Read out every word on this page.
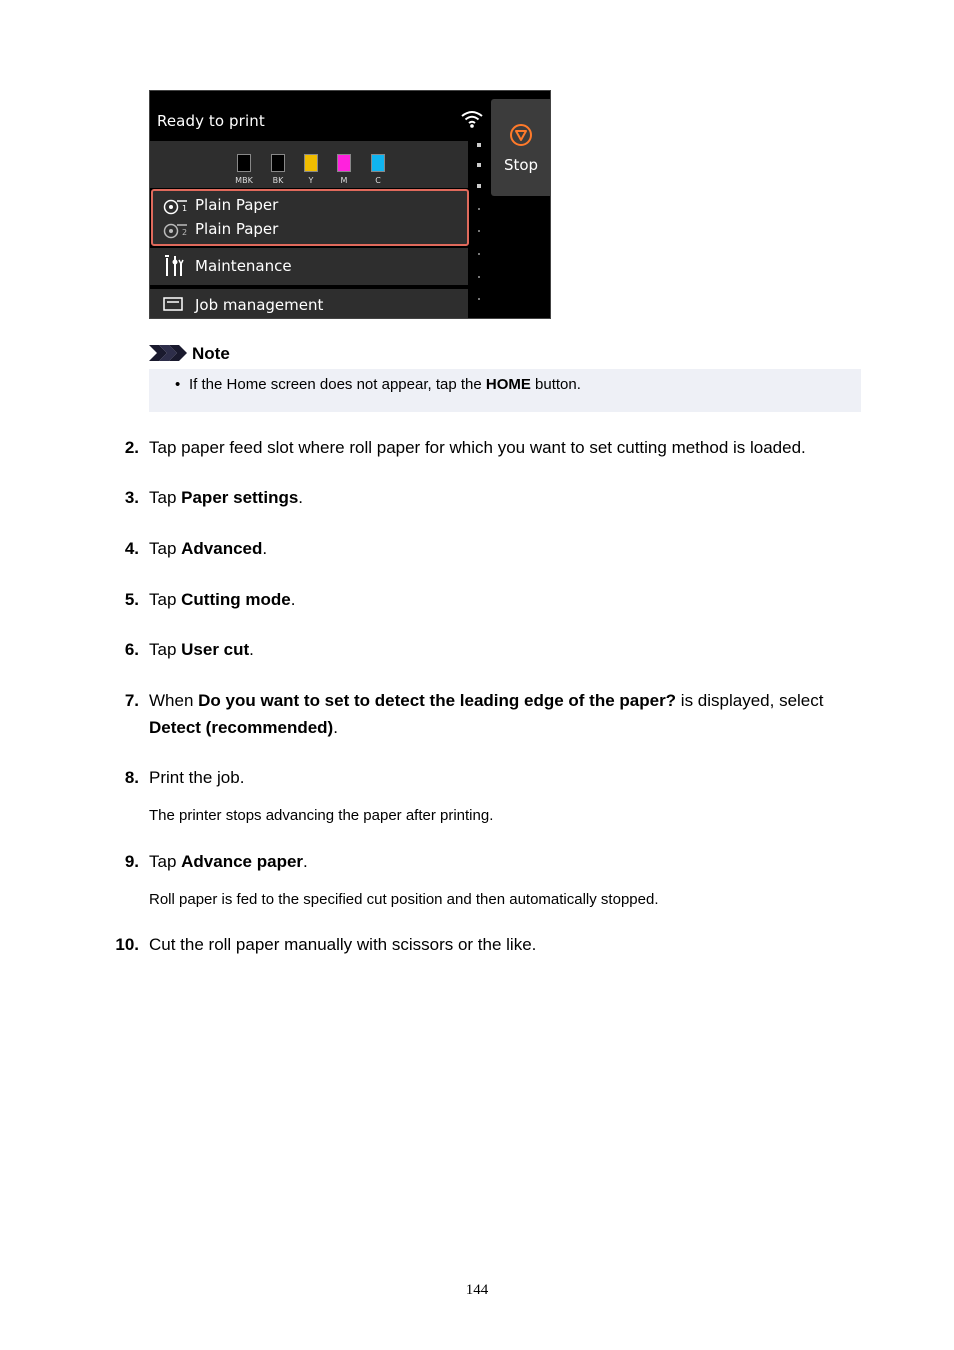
Ready to print
Stop
MBK	BK	Y	M	C
1 Plain Paper
2 Plain Paper
Maintenance
Job management
Note
• If the Home screen does not appear, tap the HOME button.
2. Tap paper feed slot where roll paper for which you want to set cutting method is loaded.
3. Tap Paper settings.
4. Tap Advanced.
5. Tap Cutting mode.
6. Tap User cut.
7. When Do you want to set to detect the leading edge of the paper? is displayed, select
Detect (recommended).
8. Print the job.
The printer stops advancing the paper after printing.
9. Tap Advance paper.
Roll paper is fed to the specified cut position and then automatically stopped.
10. Cut the roll paper manually with scissors or the like.
144
